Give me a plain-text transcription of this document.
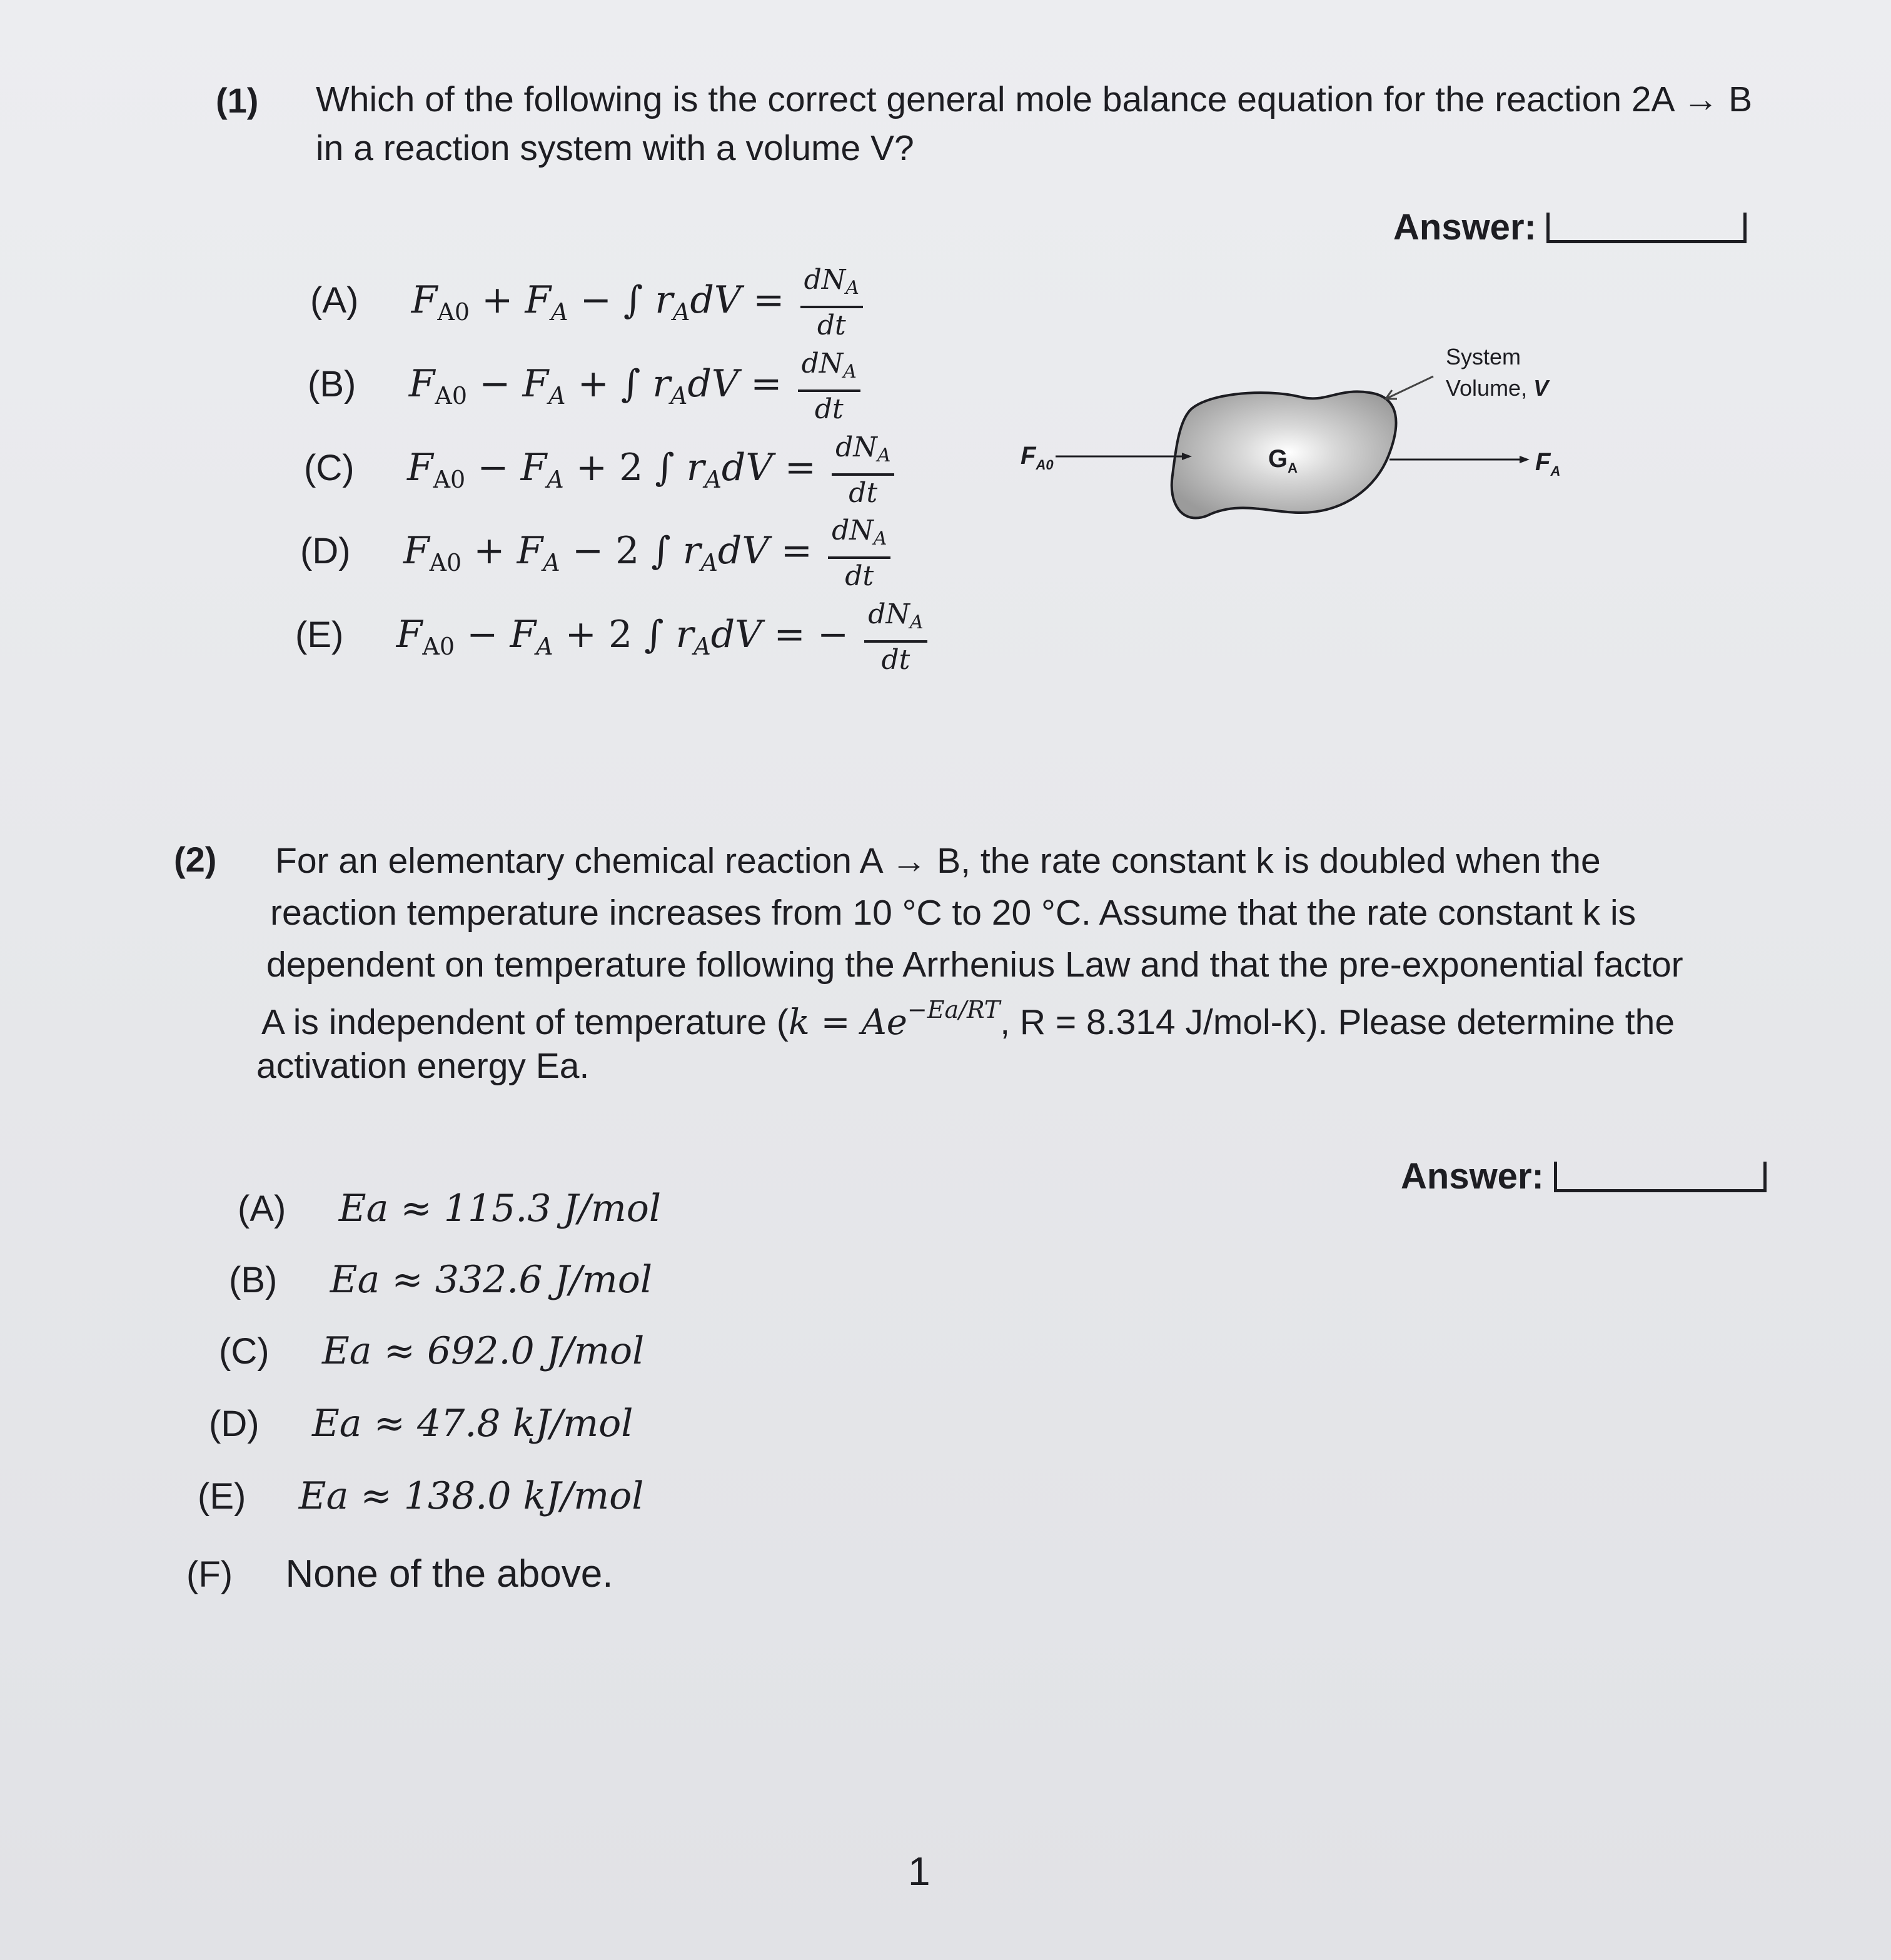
(1) Which of the following is the correct general mole balance equation for the reaction 2A → B in a reaction system with a volume V?
Answer:
(A) $F_{A0} + F_A$ − ∫ $r_AdV = \frac{dN_A}{dt}$
(B) $F_{A0} - F_A$ + ∫ $r_AdV = \frac{dN_A}{dt}$
(C) $F_{A0} - F_A + 2$ ∫ $r_AdV = \frac{dN_A}{dt}$
(D) $F_{A0} + F_A - 2$ ∫ $r_AdV = \frac{dN_A}{dt}$
(E) $F_{A0} - F_A + 2$ ∫ $r_AdV$ = − $\frac{dN_A}{dt}$
$F_{A0}$	$G_A$	$F_A$
System
Volume, V
(2) For an elementary chemical reaction A → B, the rate constant k is doubled when the
reaction temperature increases from 10 °C to 20 °C. Assume that the rate constant k is
dependent on temperature following the Arrhenius Law and that the pre-exponential factor
A is independent of temperature ($k = Ae^{-Ea/RT}$, R = 8.314 J/mol-K). Please determine the
activation energy Ea.
Answer:
(A) Ea ≈ 115.3 J/mol
(B) Ea ≈ 332.6 J/mol
(C) Ea ≈ 692.0 J/mol
(D) Ea ≈ 47.8 kJ/mol
(E) Ea ≈ 138.0 kJ/mol
(F) None of the above.
1
